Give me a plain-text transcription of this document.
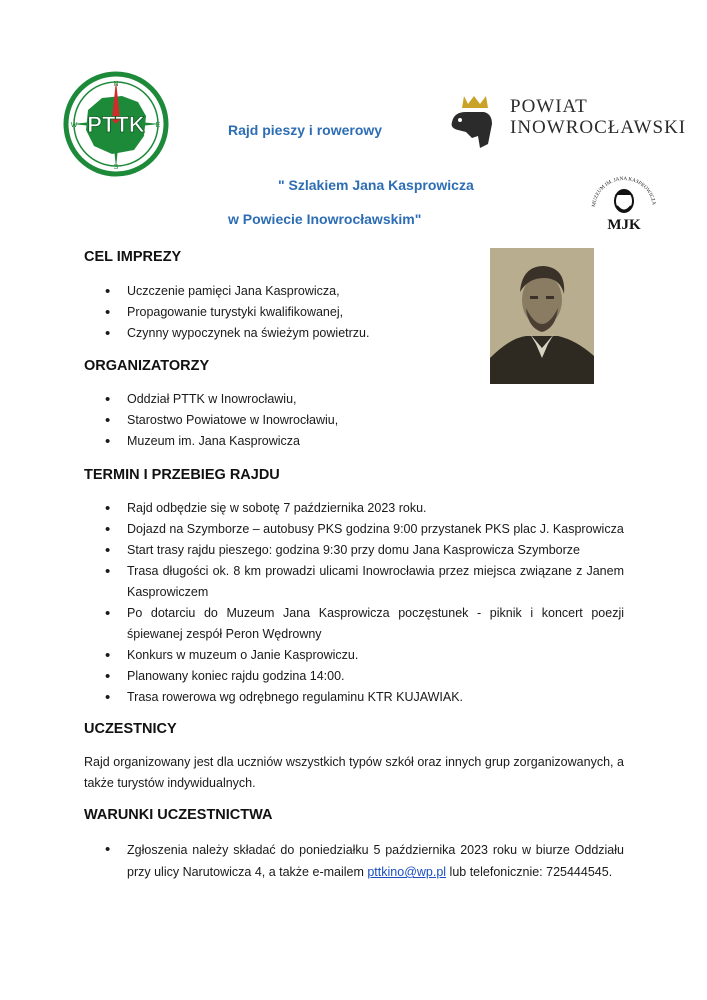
PTTK
N
S
E
W	Rajd pieszy i rowerowy
" Szlakiem Jana Kasprowicza
w Powiecie Inowrocławskim"
POWIAT
INOWROCŁAWSKI
MUZEUM IM. JANA KASPROWICZA
MJK
CEL IMPREZY
• Uczczenie pamięci Jana Kasprowicza,
• Propagowanie turystyki kwalifikowanej,
• Czynny wypoczynek na świeżym powietrzu.
ORGANIZATORZY
• Oddział PTTK w Inowrocławiu,
• Starostwo Powiatowe w Inowrocławiu,
• Muzeum im. Jana Kasprowicza
TERMIN I PRZEBIEG RAJDU
• Rajd odbędzie się w sobotę 7 października 2023 roku.
• Dojazd na Szymborze – autobusy PKS godzina 9:00 przystanek PKS plac J. Kasprowicza
• Start trasy rajdu pieszego: godzina 9:30 przy domu Jana Kasprowicza Szymborze
• Trasa długości ok. 8 km prowadzi ulicami Inowrocławia przez miejsca związane z Janem Kasprowiczem
• Po dotarciu do Muzeum Jana Kasprowicza poczęstunek - piknik i koncert poezji śpiewanej zespół Peron Wędrowny
• Konkurs w muzeum o Janie Kasprowiczu.
• Planowany koniec rajdu godzina 14:00.
• Trasa rowerowa wg odrębnego regulaminu KTR KUJAWIAK.
UCZESTNICY
Rajd organizowany jest dla uczniów wszystkich typów szkół oraz innych grup zorganizowanych, a także turystów indywidualnych.
WARUNKI UCZESTNICTWA
• Zgłoszenia należy składać do poniedziałku 5 października 2023 roku w biurze Oddziału przy ulicy Narutowicza 4, a także e-mailem pttkino@wp.pl lub telefonicznie: 725444545.
